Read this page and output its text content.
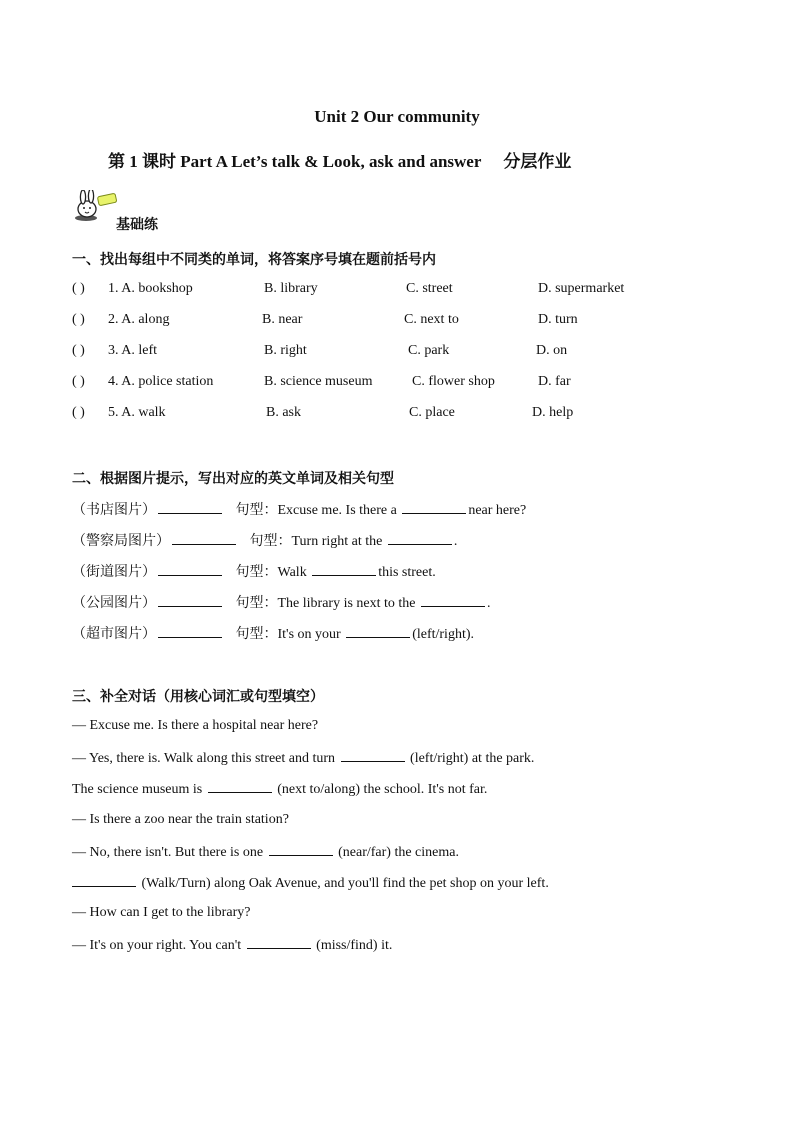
Unit 2 Our community
第 1 课时 Part A Let’s talk & Look, ask and answer 分层作业
基础练
一、找出每组中不同类的单词，将答案序号填在题前括号内
( ) 1. A. bookshop	B. library	C. street	D. supermarket
( ) 2. A. along	B. near	C. next to	D. turn
( ) 3. A. left	B. right	C. park	D. on
( ) 4. A. police station	B. science museum	C. flower shop	D. far
( ) 5. A. walk	B. ask	C. place	D. help
二、根据图片提示，写出对应的英文单词及相关句型
（书店图片）	句型：Excuse me. Is there a	near here?
（警察局图片）	句型：Turn right at the	.
（街道图片）	句型：Walk	this street.
（公园图片）	句型：The library is next to the	.
（超市图片）	句型：It's on your	(left/right).
三、补全对话（用核心词汇或句型填空）
— Excuse me. Is there a hospital near here?
— Yes, there is. Walk along this street and turn	(left/right) at the park.
The science museum is	(next to/along) the school. It's not far.
— Is there a zoo near the train station?
— No, there isn't. But there is one	(near/far) the cinema.
(Walk/Turn) along Oak Avenue, and you'll find the pet shop on your left.
— How can I get to the library?
— It's on your right. You can't	(miss/find) it.
